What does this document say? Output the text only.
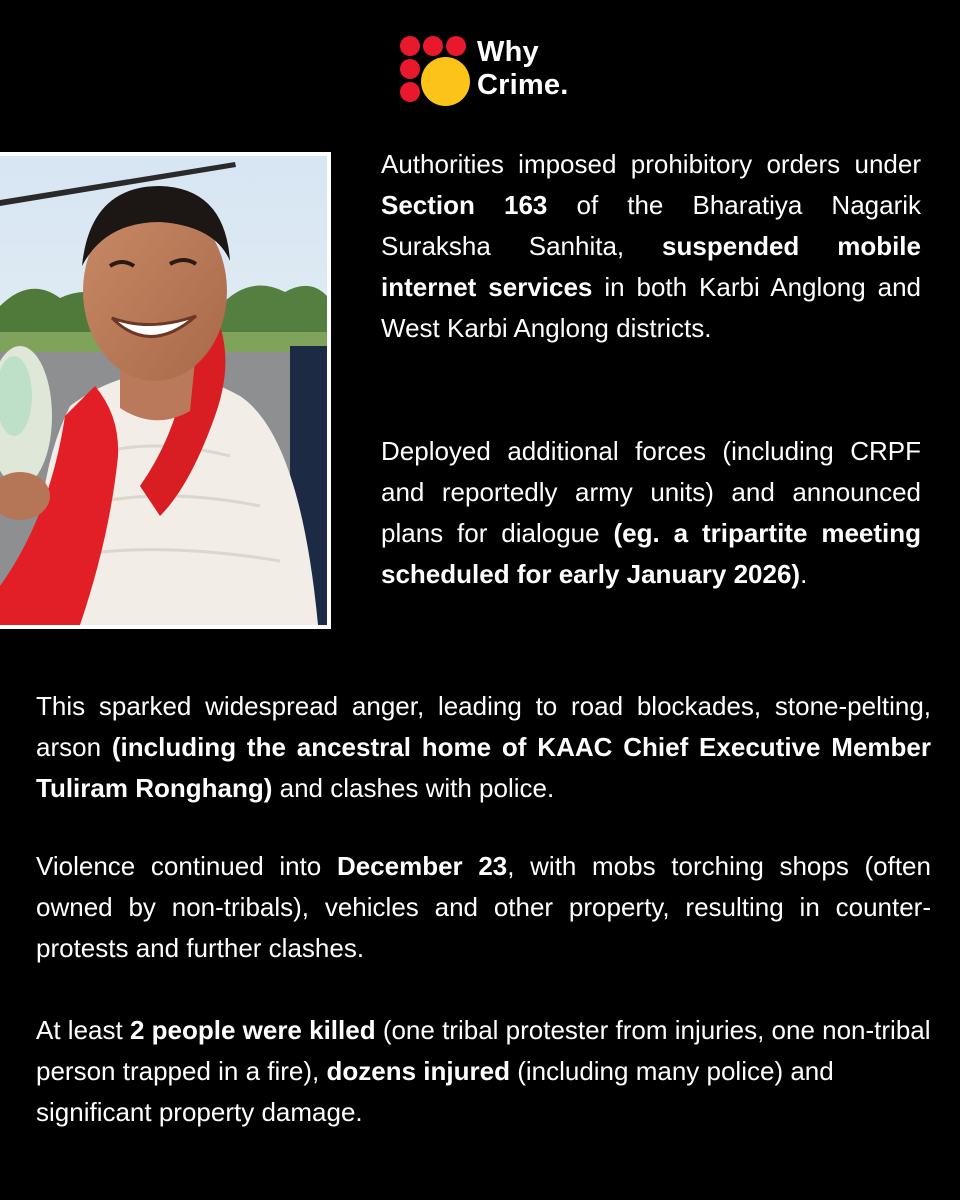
Why
Crime.

Authorities imposed prohibitory orders under Section 163 of the Bharatiya Nagarik Suraksha Sanhita, suspended mobile internet services in both Karbi Anglong and West Karbi Anglong districts.

Deployed additional forces (including CRPF and reportedly army units) and announced plans for dialogue (eg. a tripartite meeting scheduled for early January 2026).

This sparked widespread anger, leading to road blockades, stone-pelting, arson (including the ancestral home of KAAC Chief Executive Member Tuliram Ronghang) and clashes with police.

Violence continued into December 23, with mobs torching shops (often owned by non-tribals), vehicles and other property, resulting in counter-protests and further clashes.

At least 2 people were killed (one tribal protester from injuries, one non-tribal person trapped in a fire), dozens injured (including many police) and significant property damage.
